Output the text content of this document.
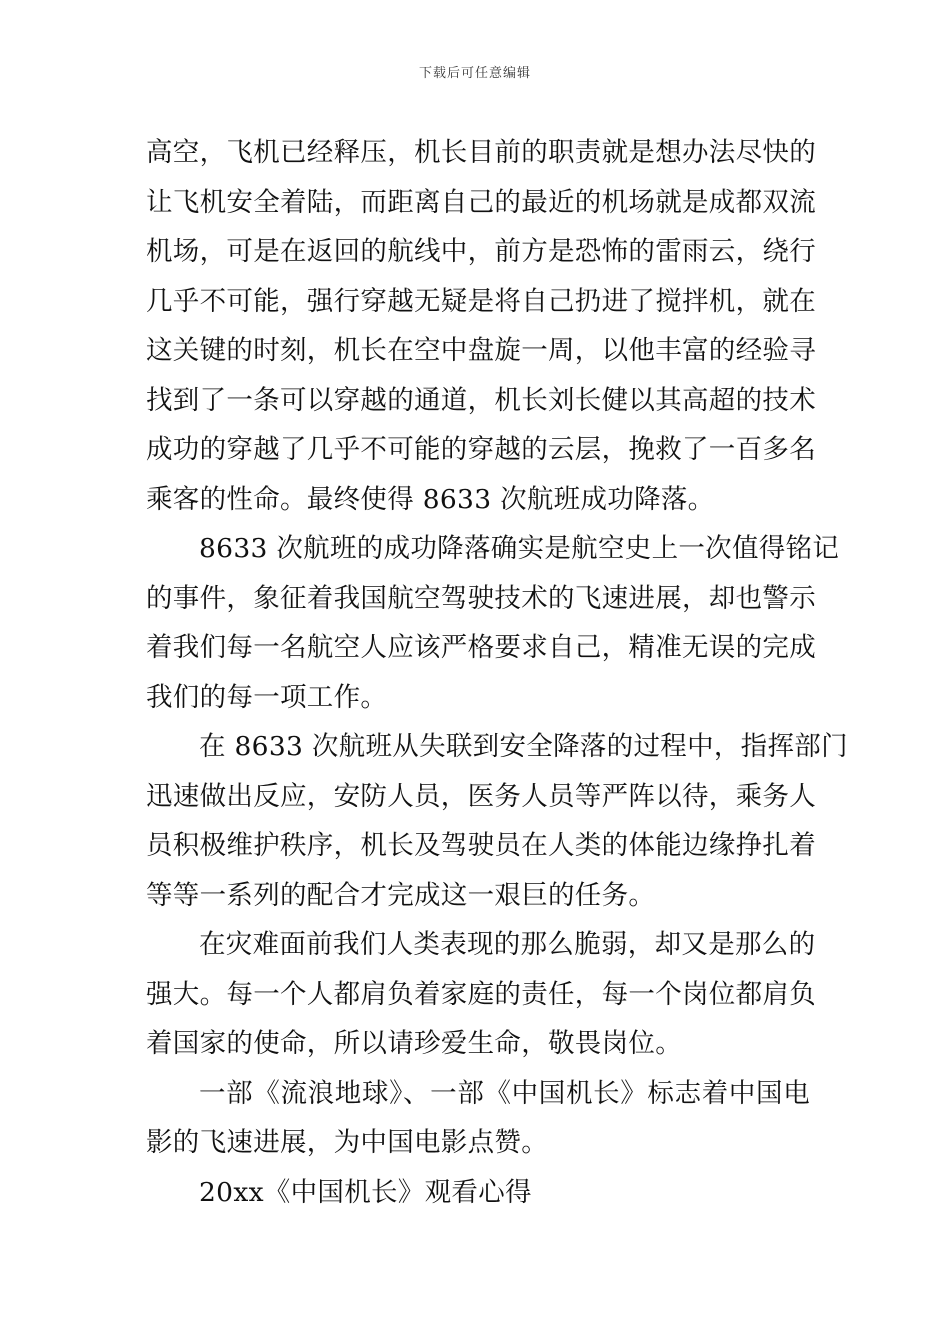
下载后可任意编辑
高空，飞机已经释压，机长目前的职责就是想办法尽快的
让飞机安全着陆，而距离自己的最近的机场就是成都双流
机场，可是在返回的航线中，前方是恐怖的雷雨云，绕行
几乎不可能，强行穿越无疑是将自己扔进了搅拌机，就在
这关键的时刻，机长在空中盘旋一周，以他丰富的经验寻
找到了一条可以穿越的通道，机长刘长健以其高超的技术
成功的穿越了几乎不可能的穿越的云层，挽救了一百多名
乘客的性命。最终使得 8633 次航班成功降落。
8633 次航班的成功降落确实是航空史上一次值得铭记
的事件，象征着我国航空驾驶技术的飞速进展，却也警示
着我们每一名航空人应该严格要求自己，精准无误的完成
我们的每一项工作。
在 8633 次航班从失联到安全降落的过程中，指挥部门
迅速做出反应，安防人员，医务人员等严阵以待，乘务人
员积极维护秩序，机长及驾驶员在人类的体能边缘挣扎着
等等一系列的配合才完成这一艰巨的任务。
在灾难面前我们人类表现的那么脆弱，却又是那么的
强大。每一个人都肩负着家庭的责任，每一个岗位都肩负
着国家的使命，所以请珍爱生命，敬畏岗位。
一部《流浪地球》、一部《中国机长》标志着中国电
影的飞速进展，为中国电影点赞。
20xx《中国机长》观看心得
